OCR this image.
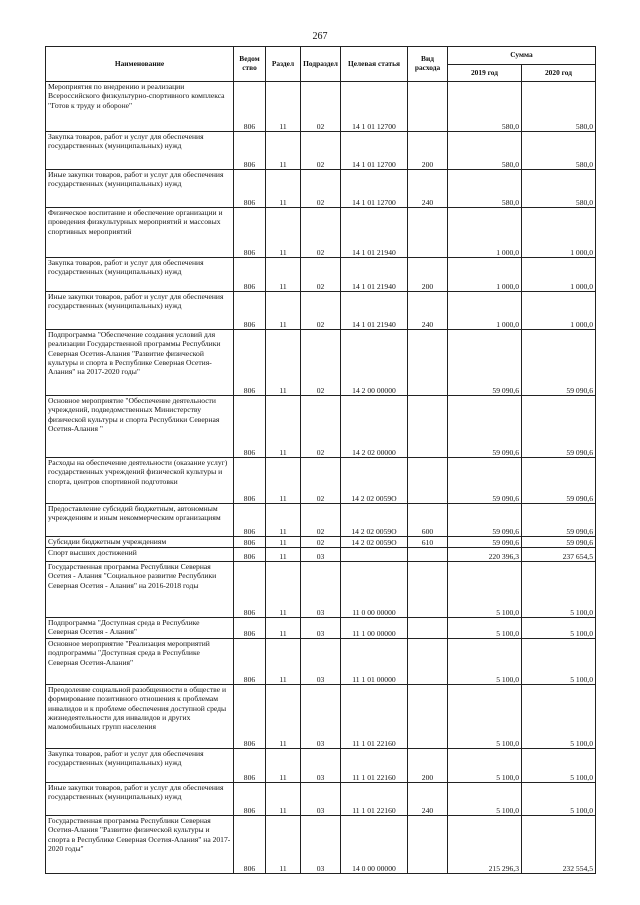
267
Наименование	Ведом ство	Раздел	Подраздел	Целевая статья	Вид расхода	Сумма	
						2019 год	2020 год
Мероприятия по внедрению и реализации Всероссийского физкультурно-спортивного комплекса "Готов к труду и обороне"	806	11	02	14 1 01 12700		580,0	580,0
Закупка товаров, работ и услуг для обеспечения государственных (муниципальных) нужд	806	11	02	14 1 01 12700	200	580,0	580,0
Иные закупки товаров, работ и услуг для обеспечения государственных (муниципальных) нужд	806	11	02	14 1 01 12700	240	580,0	580,0
Физическое воспитание и обеспечение организации и проведения физкультурных мероприятий и массовых спортивных мероприятий	806	11	02	14 1 01 21940		1 000,0	1 000,0
Закупка товаров, работ и услуг для обеспечения государственных (муниципальных) нужд	806	11	02	14 1 01 21940	200	1 000,0	1 000,0
Иные закупки товаров, работ и услуг для обеспечения государственных (муниципальных) нужд	806	11	02	14 1 01 21940	240	1 000,0	1 000,0
Подпрограмма "Обеспечение создания условий для реализации Государственной программы Республики Северная Осетия-Алания "Развитие физической культуры и спорта в Республике Северная Осетия-Алания" на 2017-2020 годы"	806	11	02	14 2 00 00000		59 090,6	59 090,6
Основное мероприятие "Обеспечение деятельности учреждений, подведомственных Министерству физической культуры и спорта Республики Северная Осетия-Алания "	806	11	02	14 2 02 00000		59 090,6	59 090,6
Расходы на обеспечение деятельности (оказание услуг) государственных учреждений физической культуры и спорта, центров спортивной подготовки	806	11	02	14 2 02 0059О		59 090,6	59 090,6
Предоставление субсидий бюджетным, автономным учреждениям и иным некоммерческим организациям	806	11	02	14 2 02 0059О	600	59 090,6	59 090,6
Субсидии бюджетным учреждениям	806	11	02	14 2 02 0059О	610	59 090,6	59 090,6
Спорт высших достижений	806	11	03			220 396,3	237 654,5
Государственная программа Республики Северная Осетия - Алания "Социальное развитие Республики Северная Осетия - Алания" на 2016-2018 годы	806	11	03	11 0 00 00000		5 100,0	5 100,0
Подпрограмма "Доступная среда в Республике Северная Осетия - Алания"	806	11	03	11 1 00 00000		5 100,0	5 100,0
Основное мероприятие "Реализация мероприятий подпрограммы "Доступная среда в Республике Северная Осетия-Алания"	806	11	03	11 1 01 00000		5 100,0	5 100,0
Преодоление социальной разобщенности в обществе и формирование позитивного отношения к проблемам инвалидов и к проблеме обеспечения доступной среды жизнедеятельности для инвалидов и других маломобильных групп населения	806	11	03	11 1 01 22160		5 100,0	5 100,0
Закупка товаров, работ и услуг для обеспечения государственных (муниципальных) нужд	806	11	03	11 1 01 22160	200	5 100,0	5 100,0
Иные закупки товаров, работ и услуг для обеспечения государственных (муниципальных) нужд	806	11	03	11 1 01 22160	240	5 100,0	5 100,0
Государственная программа Республики Северная Осетия-Алания "Развитие физической культуры и спорта в Республике Северная Осетия-Алания" на 2017-2020 годы"	806	11	03	14 0 00 00000		215 296,3	232 554,5
